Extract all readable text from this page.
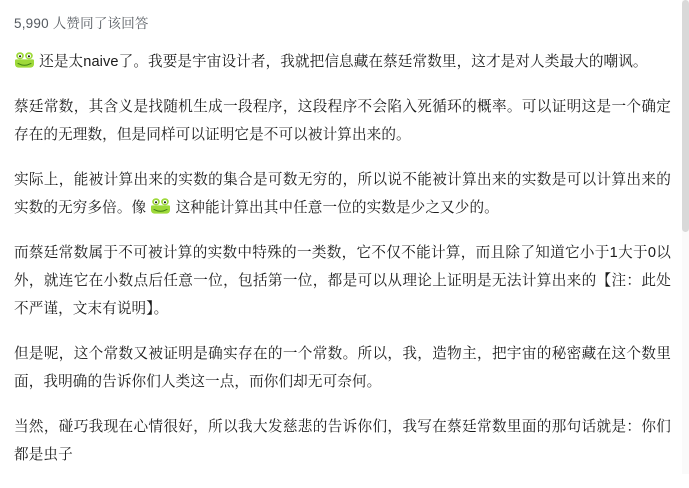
5,990 人赞同了该回答

还是太naive了。我要是宇宙设计者，我就把信息藏在蔡廷常数里，这才是对人类最大的嘲讽。

蔡廷常数，其含义是找随机生成一段程序，这段程序不会陷入死循环的概率。可以证明这是一个确定存在的无理数，但是同样可以证明它是不可以被计算出来的。

实际上，能被计算出来的实数的集合是可数无穷的，所以说不能被计算出来的实数是可以计算出来的实数的无穷多倍。像
这种能计算出其中任意一位的实数是少之又少的。

而蔡廷常数属于不可被计算的实数中特殊的一类数，它不仅不能计算，而且除了知道它小于1大于0以外，就连它在小数点后任意一位，包括第一位，都是可以从理论上证明是无法计算出来的【注：此处不严谨，文末有说明】。

但是呢，这个常数又被证明是确实存在的一个常数。所以，我，造物主，把宇宙的秘密藏在这个数里面，我明确的告诉你们人类这一点，而你们却无可奈何。

当然，碰巧我现在心情很好，所以我大发慈悲的告诉你们，我写在蔡廷常数里面的那句话就是：你们都是虫子
